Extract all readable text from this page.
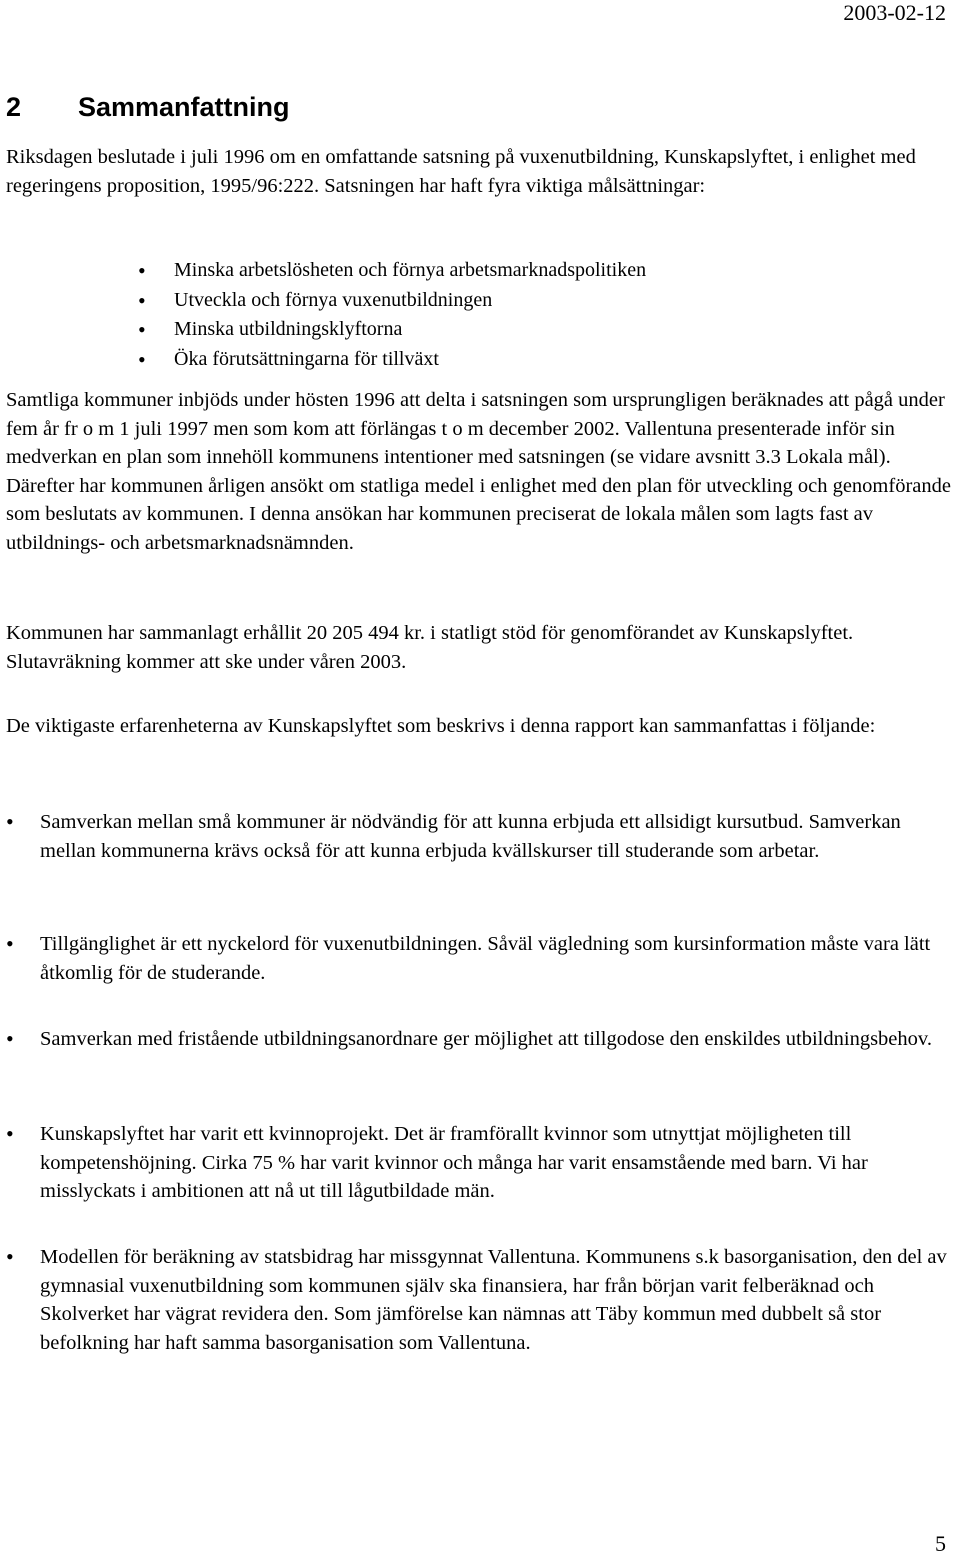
2003-02-12
2 Sammanfattning

Riksdagen beslutade i juli 1996 om en omfattande satsning på vuxenutbildning, Kunskapslyftet, i enlighet med regeringens proposition, 1995/96:222. Satsningen har haft fyra viktiga målsättningar:

• Minska arbetslösheten och förnya arbetsmarknadspolitiken
• Utveckla och förnya vuxenutbildningen
• Minska utbildningsklyftorna
• Öka förutsättningarna för tillväxt

Samtliga kommuner inbjöds under hösten 1996 att delta i satsningen som ursprungligen beräknades att pågå under fem år fr o m 1 juli 1997 men som kom att förlängas t o m december 2002. Vallentuna presenterade inför sin medverkan en plan som innehöll kommunens intentioner med satsningen (se vidare avsnitt 3.3 Lokala mål). Därefter har kommunen årligen ansökt om statliga medel i enlighet med den plan för utveckling och genomförande som beslutats av kommunen. I denna ansökan har kommunen preciserat de lokala målen som lagts fast av utbildnings- och arbetsmarknadsnämnden.

Kommunen har sammanlagt erhållit 20 205 494 kr. i statligt stöd för genomförandet av Kunskapslyftet. Slutavräkning kommer att ske under våren 2003.

De viktigaste erfarenheterna av Kunskapslyftet som beskrivs i denna rapport kan sammanfattas i följande:

• Samverkan mellan små kommuner är nödvändig för att kunna erbjuda ett allsidigt kursutbud. Samverkan mellan kommunerna krävs också för att kunna erbjuda kvällskurser till studerande som arbetar.
• Tillgänglighet är ett nyckelord för vuxenutbildningen. Såväl vägledning som kursinformation måste vara lätt åtkomlig för de studerande.
• Samverkan med fristående utbildningsanordnare ger möjlighet att tillgodose den enskildes utbildningsbehov.
• Kunskapslyftet har varit ett kvinnoprojekt. Det är framförallt kvinnor som utnyttjat möjligheten till kompetenshöjning. Cirka 75 % har varit kvinnor och många har varit ensamstående med barn. Vi har misslyckats i ambitionen att nå ut till lågutbildade män.
• Modellen för beräkning av statsbidrag har missgynnat Vallentuna. Kommunens s.k basorganisation, den del av gymnasial vuxenutbildning som kommunen själv ska finansiera, har från början varit felberäknad och Skolverket har vägrat revidera den. Som jämförelse kan nämnas att Täby kommun med dubbelt så stor befolkning har haft samma basorganisation som Vallentuna.
5
